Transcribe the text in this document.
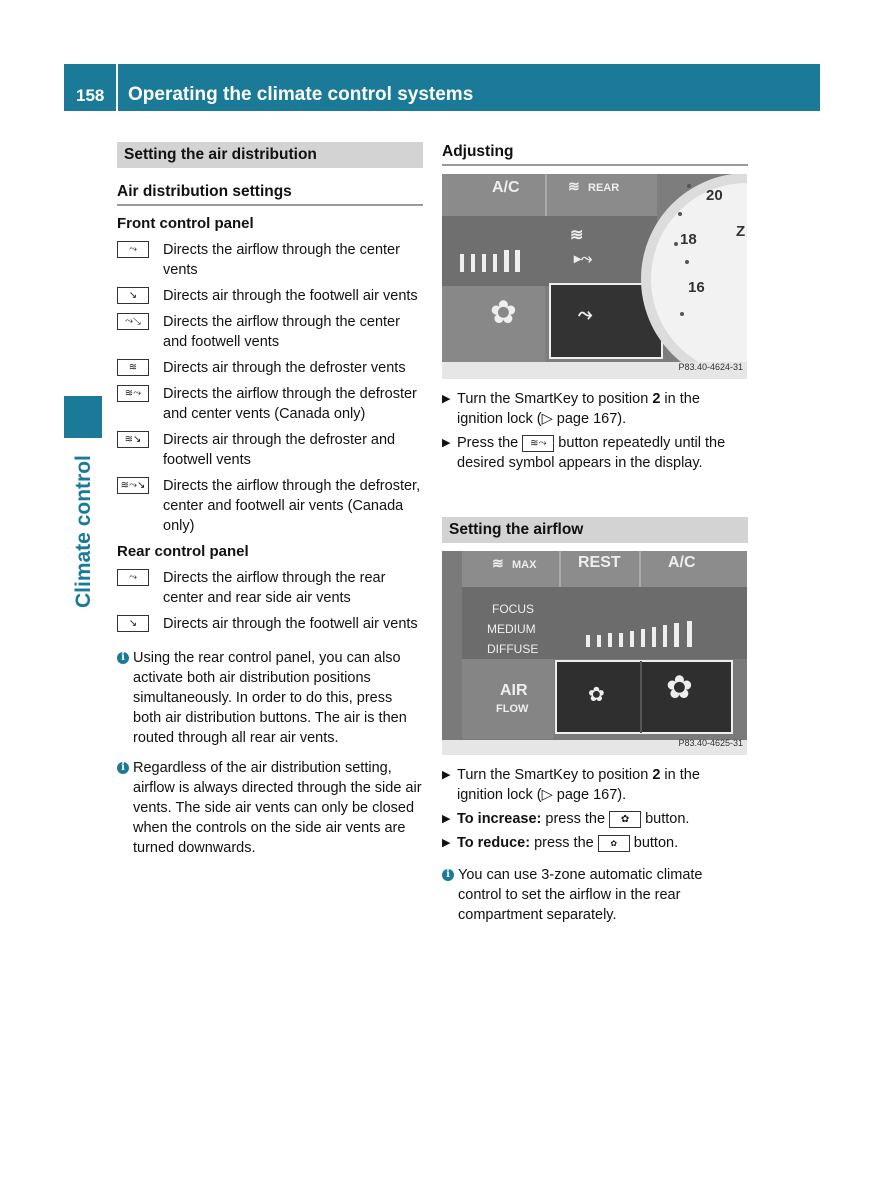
158 Operating the climate control systems
Climate control
Setting the air distribution
Air distribution settings
Front control panel
⤳	Directs the airflow through the center vents
↘	Directs air through the footwell air vents
⤳↘	Directs the airflow through the center and footwell vents
≋	Directs air through the defroster vents
≋⤳	Directs the airflow through the defroster and center vents (Canada only)
≋↘	Directs air through the defroster and footwell vents
≋⤳↘ Directs the airflow through the defroster, center and footwell air vents (Canada only)
Rear control panel
⤳	Directs the airflow through the rear center and rear side air vents
↘	Directs air through the footwell air vents
i Using the rear control panel, you can also activate both air distribution positions simultaneously. In order to do this, press both air distribution buttons. The air is then routed through all rear air vents.
i Regardless of the air distribution setting, airflow is always directed through the side air vents. The side air vents can only be closed when the controls on the side air vents are turned downwards.
Adjusting
A/C	≋ REAR
≋
▸⤳
✿	⤳
20
18	Z
16
P83.40-4624-31
▶ Turn the SmartKey to position 2 in the ignition lock (▷ page 167).
▶ Press the ≋⤳ button repeatedly until the desired symbol appears in the display.
Setting the airflow
≋ MAX	REST	A/C
FOCUS
MEDIUM
DIFFUSE
AIR
FLOW
✿ ✿
P83.40-4625-31
▶ Turn the SmartKey to position 2 in the ignition lock (▷ page 167).
▶ To increase: press the ✿ button.
▶ To reduce: press the ✿ button.
i You can use 3-zone automatic climate control to set the airflow in the rear compartment separately.
